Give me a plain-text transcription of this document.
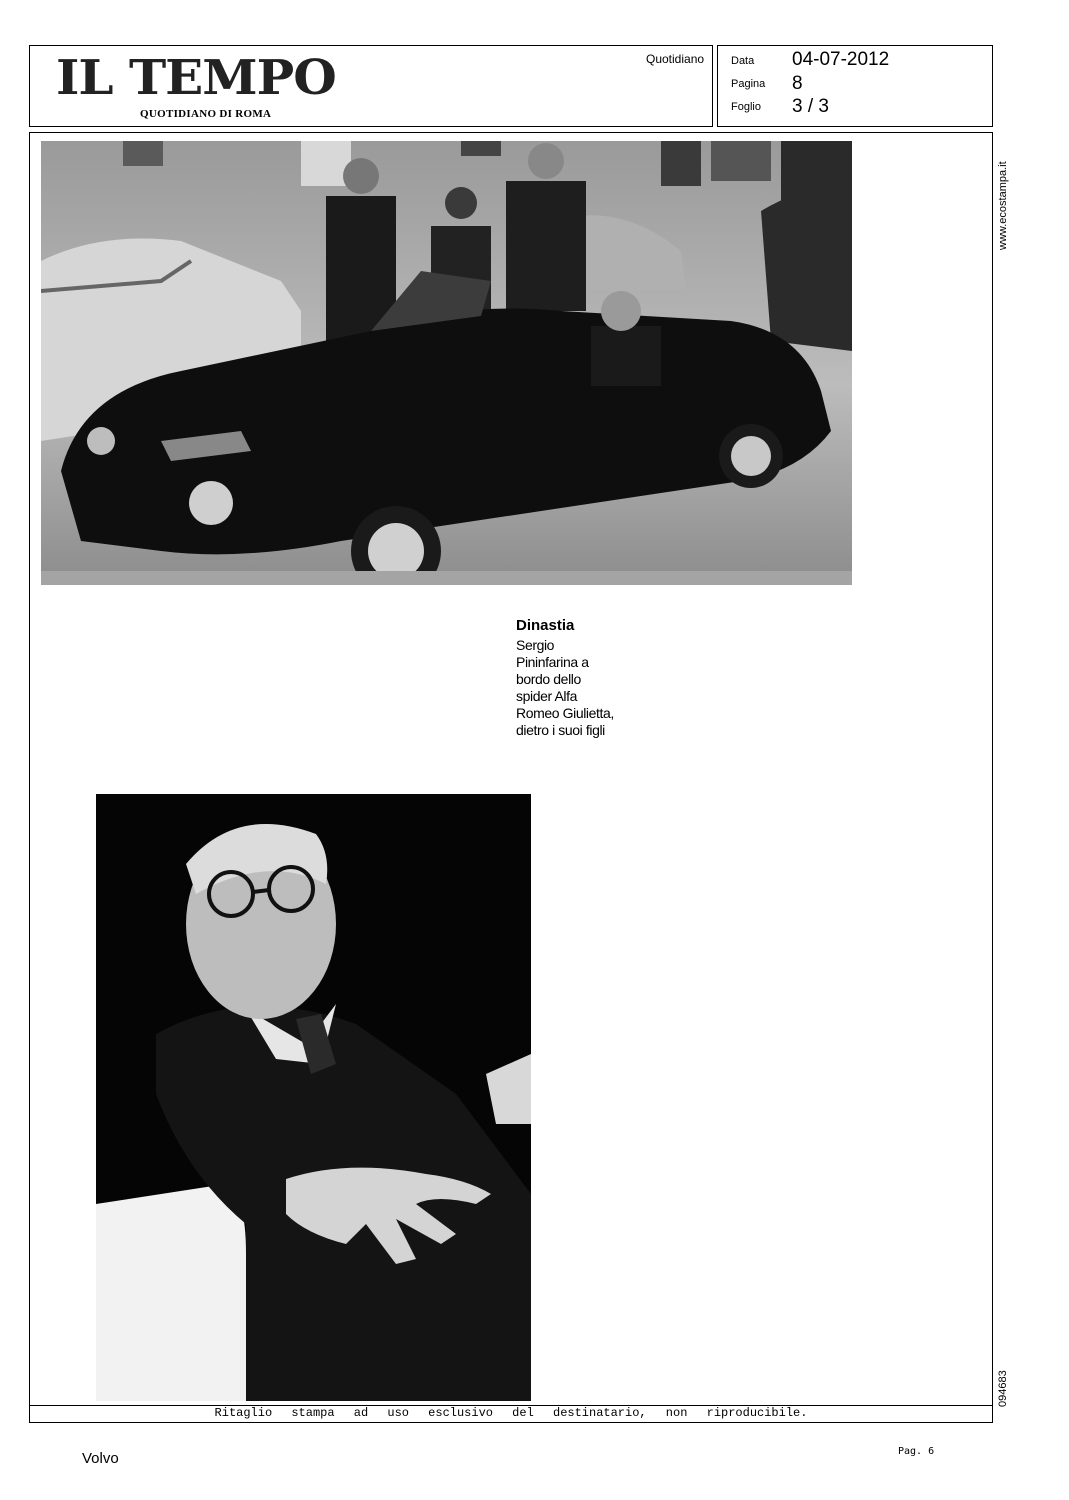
IL TEMPO
QUOTIDIANO DI ROMA
Quotidiano Data 04-07-2012
Pagina 8
Foglio 3 / 3
Dinastia
Sergio Pininfarina a bordo dello spider Alfa Romeo Giulietta, dietro i suoi figli
www.ecostampa.it
094683
Ritaglio stampa ad uso esclusivo del destinatario, non riproducibile.
Volvo	Pag. 6
